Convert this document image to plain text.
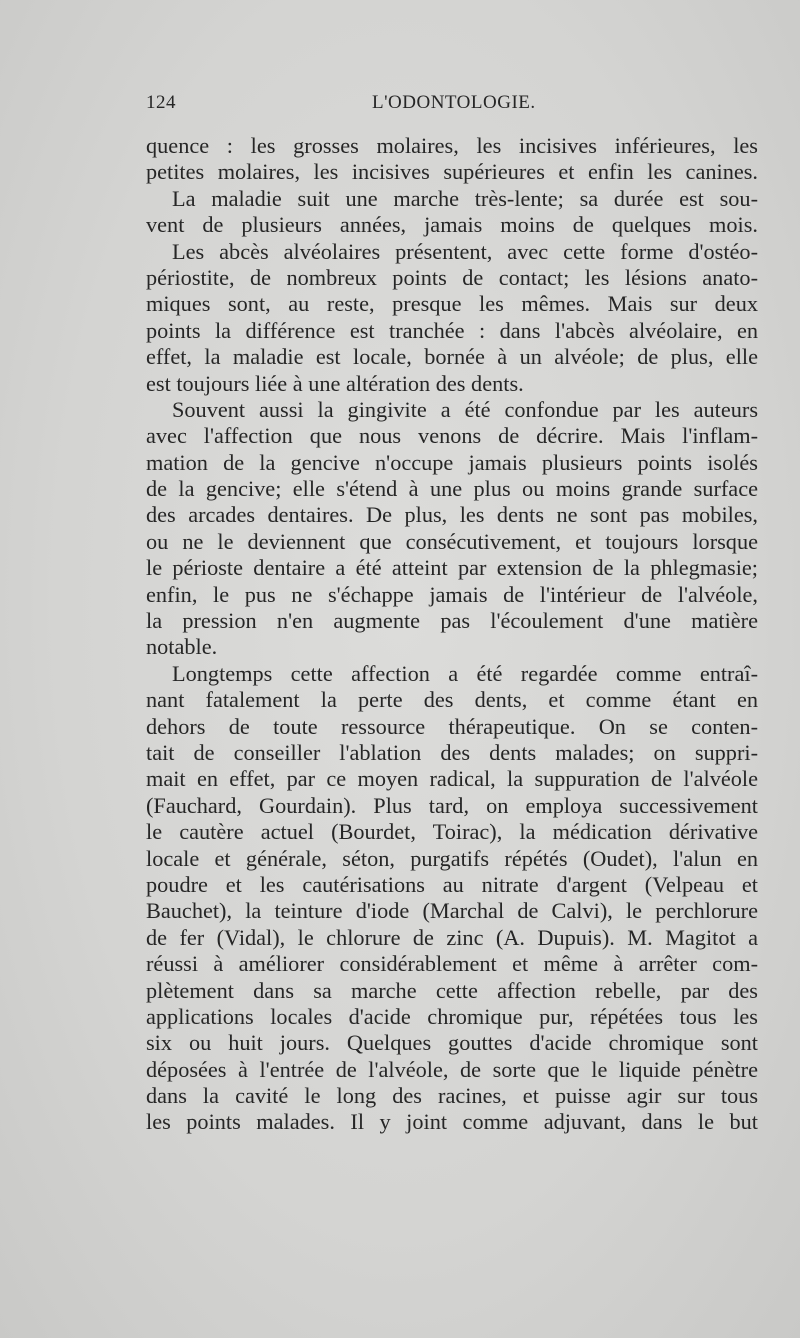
124	L'ODONTOLOGIE.
quence : les grosses molaires, les incisives inférieures, les
petites molaires, les incisives supérieures et enfin les canines.
La maladie suit une marche très-lente; sa durée est sou-
vent de plusieurs années, jamais moins de quelques mois.
Les abcès alvéolaires présentent, avec cette forme d'ostéo-
périostite, de nombreux points de contact; les lésions anato-
miques sont, au reste, presque les mêmes. Mais sur deux
points la différence est tranchée : dans l'abcès alvéolaire, en
effet, la maladie est locale, bornée à un alvéole; de plus, elle
est toujours liée à une altération des dents.
Souvent aussi la gingivite a été confondue par les auteurs
avec l'affection que nous venons de décrire. Mais l'inflam-
mation de la gencive n'occupe jamais plusieurs points isolés
de la gencive; elle s'étend à une plus ou moins grande surface
des arcades dentaires. De plus, les dents ne sont pas mobiles,
ou ne le deviennent que consécutivement, et toujours lorsque
le périoste dentaire a été atteint par extension de la phlegmasie;
enfin, le pus ne s'échappe jamais de l'intérieur de l'alvéole,
la pression n'en augmente pas l'écoulement d'une matière
notable.
Longtemps cette affection a été regardée comme entraî-
nant fatalement la perte des dents, et comme étant en
dehors de toute ressource thérapeutique. On se conten-
tait de conseiller l'ablation des dents malades; on suppri-
mait en effet, par ce moyen radical, la suppuration de l'alvéole
(Fauchard, Gourdain). Plus tard, on employa successivement
le cautère actuel (Bourdet, Toirac), la médication dérivative
locale et générale, séton, purgatifs répétés (Oudet), l'alun en
poudre et les cautérisations au nitrate d'argent (Velpeau et
Bauchet), la teinture d'iode (Marchal de Calvi), le perchlorure
de fer (Vidal), le chlorure de zinc (A. Dupuis). M. Magitot a
réussi à améliorer considérablement et même à arrêter com-
plètement dans sa marche cette affection rebelle, par des
applications locales d'acide chromique pur, répétées tous les
six ou huit jours. Quelques gouttes d'acide chromique sont
déposées à l'entrée de l'alvéole, de sorte que le liquide pénètre
dans la cavité le long des racines, et puisse agir sur tous
les points malades. Il y joint comme adjuvant, dans le but
